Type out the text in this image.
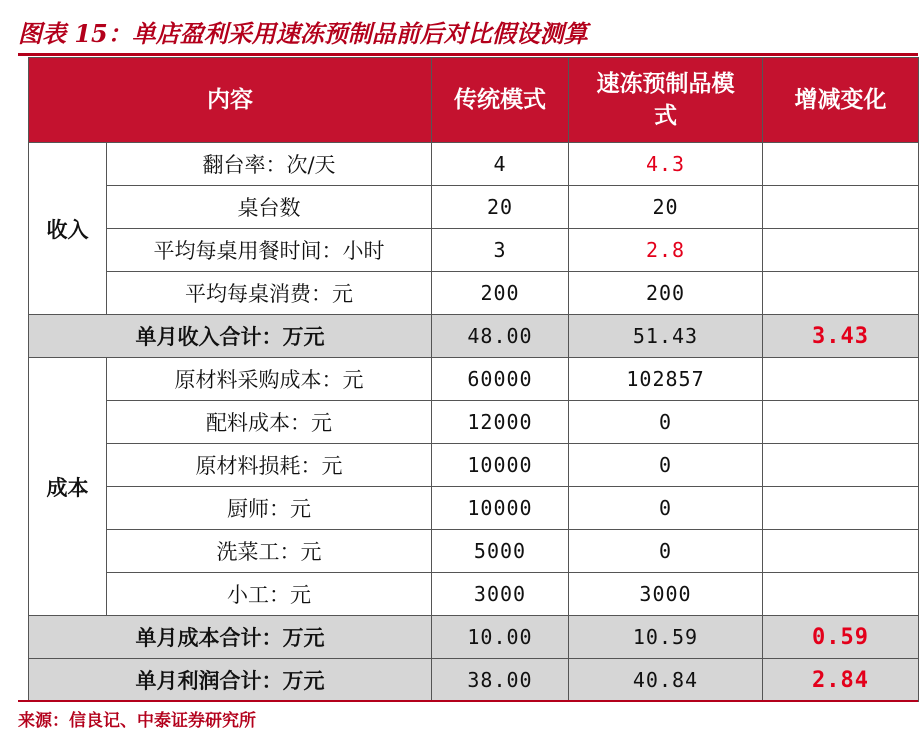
图表 15：单店盈利采用速冻预制品前后对比假设测算
内容		传统模式	速冻预制品模式	增减变化
收入	翻台率：次/天	4	4.3	
	桌台数	20	20	
	平均每桌用餐时间：小时	3	2.8	
	平均每桌消费：元	200	200	
单月收入合计：万元		48.00	51.43	3.43
成本	原材料采购成本：元	60000	102857	
	配料成本：元	12000	0	
	原材料损耗：元	10000	0	
	厨师：元	10000	0	
	洗菜工：元	5000	0	
	小工：元	3000	3000	
单月成本合计：万元		10.00	10.59	0.59
单月利润合计：万元		38.00	40.84	2.84
来源：信良记、中泰证券研究所
